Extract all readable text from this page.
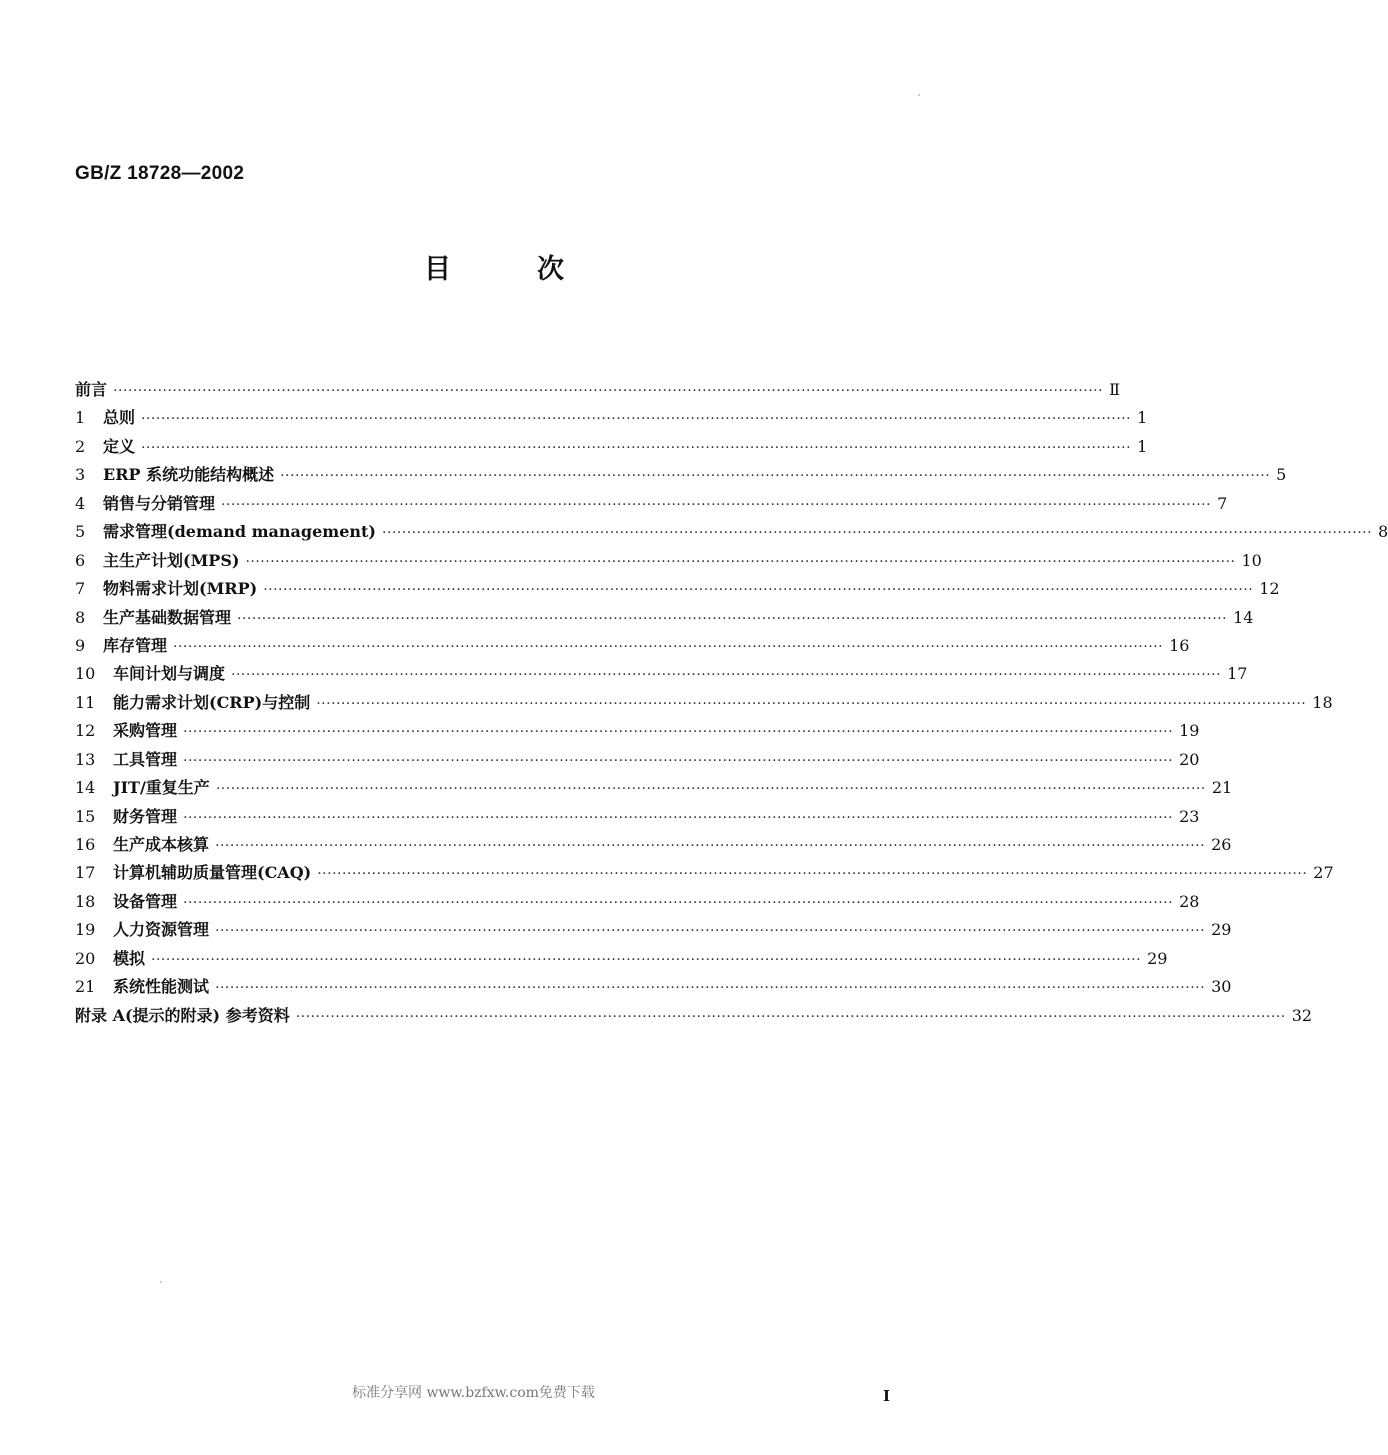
GB/Z 18728—2002
目次
前言 ········································································································································································································ Ⅱ
1	总则 ········································································································································································································ 1
2	定义 ········································································································································································································ 1
3	ERP 系统功能结构概述 ········································································································································································································ 5
4	销售与分销管理 ········································································································································································································ 7
5	需求管理(demand management) ········································································································································································································ 8
6	主生产计划(MPS) ········································································································································································································ 10
7	物料需求计划(MRP) ········································································································································································································ 12
8	生产基础数据管理 ········································································································································································································ 14
9	库存管理 ········································································································································································································ 16
10	车间计划与调度 ········································································································································································································ 17
11	能力需求计划(CRP)与控制 ········································································································································································································ 18
12	采购管理 ········································································································································································································ 19
13	工具管理 ········································································································································································································ 20
14	JIT/重复生产 ········································································································································································································ 21
15	财务管理 ········································································································································································································ 23
16	生产成本核算 ········································································································································································································ 26
17	计算机辅助质量管理(CAQ) ········································································································································································································ 27
18	设备管理 ········································································································································································································ 28
19	人力资源管理 ········································································································································································································ 29
20	模拟 ········································································································································································································ 29
21	系统性能测试 ········································································································································································································ 30
附录 A(提示的附录) 参考资料 ········································································································································································································ 32
标准分享网 www.bzfxw.com免费下载	I
